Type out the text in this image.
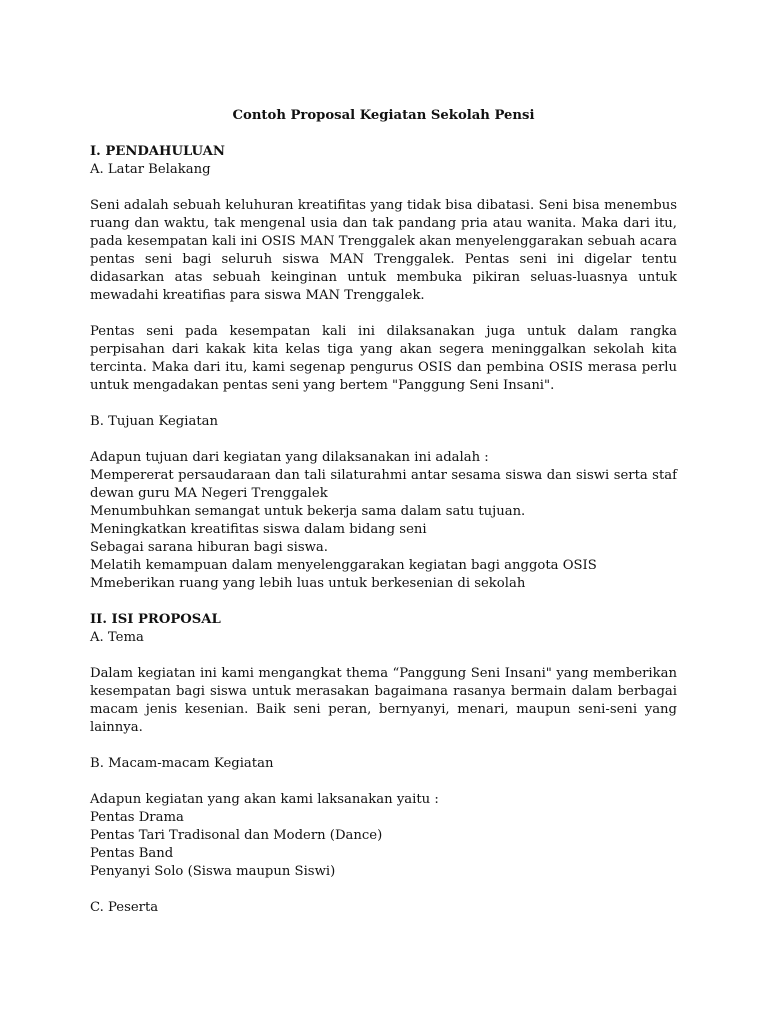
Contoh Proposal Kegiatan Sekolah Pensi

I. PENDAHULUAN
A. Latar Belakang

Seni adalah sebuah keluhuran kreatifitas yang tidak bisa dibatasi. Seni bisa menembus ruang dan waktu, tak mengenal usia dan tak pandang pria atau wanita. Maka dari itu, pada kesempatan kali ini OSIS MAN Trenggalek akan menyelenggarakan sebuah acara pentas seni bagi seluruh siswa MAN Trenggalek. Pentas seni ini digelar tentu didasarkan atas sebuah keinginan untuk membuka pikiran seluas-luasnya untuk mewadahi kreatifias para siswa MAN Trenggalek.

Pentas seni pada kesempatan kali ini dilaksanakan juga untuk dalam rangka perpisahan dari kakak kita kelas tiga yang akan segera meninggalkan sekolah kita tercinta. Maka dari itu, kami segenap pengurus OSIS dan pembina OSIS merasa perlu untuk mengadakan pentas seni yang bertem "Panggung Seni Insani".

B. Tujuan Kegiatan
Adapun tujuan dari kegiatan yang dilaksanakan ini adalah :

Mempererat persaudaraan dan tali silaturahmi antar sesama siswa dan siswi serta staf dewan guru MA Negeri Trenggalek

Menumbuhkan semangat untuk bekerja sama dalam satu tujuan.
Meningkatkan kreatifitas siswa dalam bidang seni
Sebagai sarana hiburan bagi siswa.
Melatih kemampuan dalam menyelenggarakan kegiatan bagi anggota OSIS
Mmeberikan ruang yang lebih luas untuk berkesenian di sekolah
II. ISI PROPOSAL
A. Tema

Dalam kegiatan ini kami mengangkat thema “Panggung Seni Insani" yang memberikan kesempatan bagi siswa untuk merasakan bagaimana rasanya bermain dalam berbagai macam jenis kesenian. Baik seni peran, bernyanyi, menari, maupun seni-seni yang lainnya.

B. Macam-macam Kegiatan
Adapun kegiatan yang akan kami laksanakan yaitu :
Pentas Drama
Pentas Tari Tradisonal dan Modern (Dance)
Pentas Band
Penyanyi Solo (Siswa maupun Siswi)
C. Peserta
